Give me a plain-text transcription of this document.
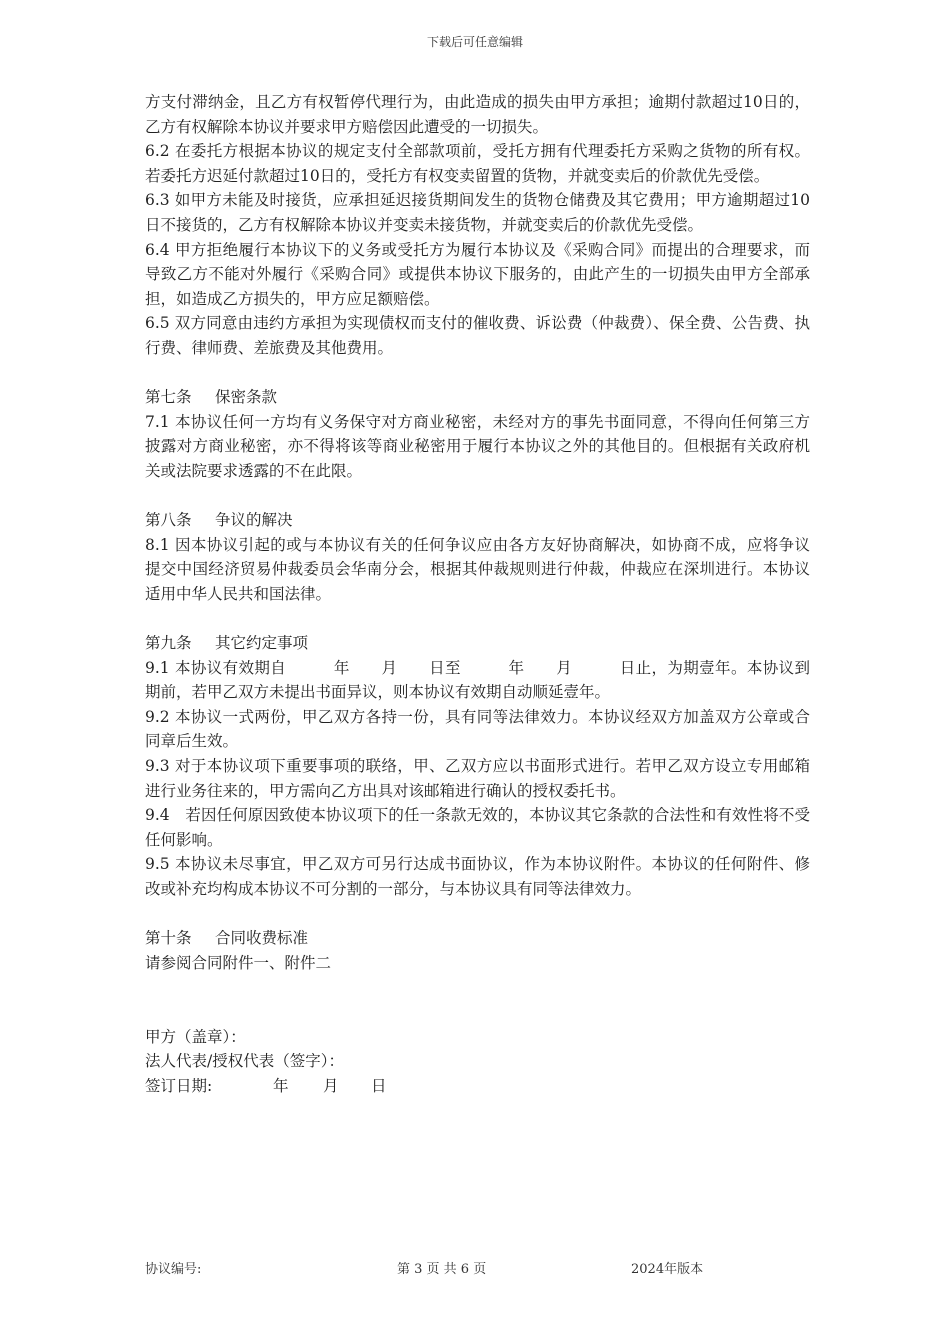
下载后可任意编辑

方支付滞纳金，且乙方有权暂停代理行为，由此造成的损失由甲方承担；逾期付款超过10日的，乙方有权解除本协议并要求甲方赔偿因此遭受的一切损失。

6.2 在委托方根据本协议的规定支付全部款项前，受托方拥有代理委托方采购之货物的所有权。若委托方迟延付款超过10日的，受托方有权变卖留置的货物，并就变卖后的价款优先受偿。

6.3 如甲方未能及时接货，应承担延迟接货期间发生的货物仓储费及其它费用；甲方逾期超过10日不接货的，乙方有权解除本协议并变卖未接货物，并就变卖后的价款优先受偿。

6.4 甲方拒绝履行本协议下的义务或受托方为履行本协议及《采购合同》而提出的合理要求，而导致乙方不能对外履行《采购合同》或提供本协议下服务的，由此产生的一切损失由甲方全部承担，如造成乙方损失的，甲方应足额赔偿。

6.5 双方同意由违约方承担为实现债权而支付的催收费、诉讼费（仲裁费）、保全费、公告费、执行费、律师费、差旅费及其他费用。

第七条 保密条款

7.1 本协议任何一方均有义务保守对方商业秘密，未经对方的事先书面同意，不得向任何第三方披露对方商业秘密，亦不得将该等商业秘密用于履行本协议之外的其他目的。但根据有关政府机关或法院要求透露的不在此限。

第八条 争议的解决

8.1 因本协议引起的或与本协议有关的任何争议应由各方友好协商解决，如协商不成，应将争议提交中国经济贸易仲裁委员会华南分会，根据其仲裁规则进行仲裁，仲裁应在深圳进行。本协议适用中华人民共和国法律。

第九条 其它约定事项

9.1 本协议有效期自　　　年　　月　　日至　　　年　　月　　　日止，为期壹年。本协议到期前，若甲乙双方未提出书面异议，则本协议有效期自动顺延壹年。

9.2 本协议一式两份，甲乙双方各持一份，具有同等法律效力。本协议经双方加盖双方公章或合同章后生效。

9.3 对于本协议项下重要事项的联络，甲、乙双方应以书面形式进行。若甲乙双方设立专用邮箱进行业务往来的，甲方需向乙方出具对该邮箱进行确认的授权委托书。

9.4　若因任何原因致使本协议项下的任一条款无效的，本协议其它条款的合法性和有效性将不受任何影响。

9.5 本协议未尽事宜，甲乙双方可另行达成书面协议，作为本协议附件。本协议的任何附件、修改或补充均构成本协议不可分割的一部分，与本协议具有同等法律效力。

第十条 合同收费标准

请参阅合同附件一、附件二

甲方（盖章）：

法人代表/授权代表（签字）：

签订日期:	年 月 日

协议编号:	第 3 页 共 6 页	2024年版本
